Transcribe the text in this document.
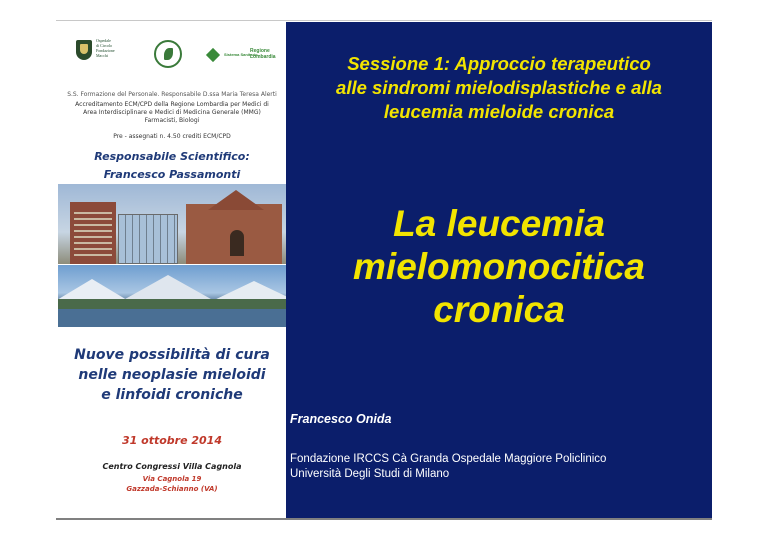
Ospedale
di Circolo
Fondazione
Macchi	Sistema Sanitario
Regione
Lombardia
S.S. Formazione del Personale. Responsabile D.ssa Maria Teresa Alerti
Accreditamento ECM/CPD della Regione Lombardia per Medici di
Area Interdisciplinare e Medici di Medicina Generale (MMG)
Farmacisti, Biologi
Pre - assegnati n. 4.50 crediti ECM/CPD
Responsabile Scientifico:
Francesco Passamonti
Nuove possibilità di cura
nelle neoplasie mieloidi
e linfoidi croniche
31 ottobre 2014
Centro Congressi Villa Cagnola
Via Cagnola 19
Gazzada-Schianno (VA)
Sessione 1: Approccio terapeutico
alle sindromi mielodisplastiche e alla
leucemia mieloide cronica
La leucemia
mielomonocitica
cronica
Francesco Onida
Fondazione IRCCS Cà Granda Ospedale Maggiore Policlinico
Università Degli Studi di Milano
